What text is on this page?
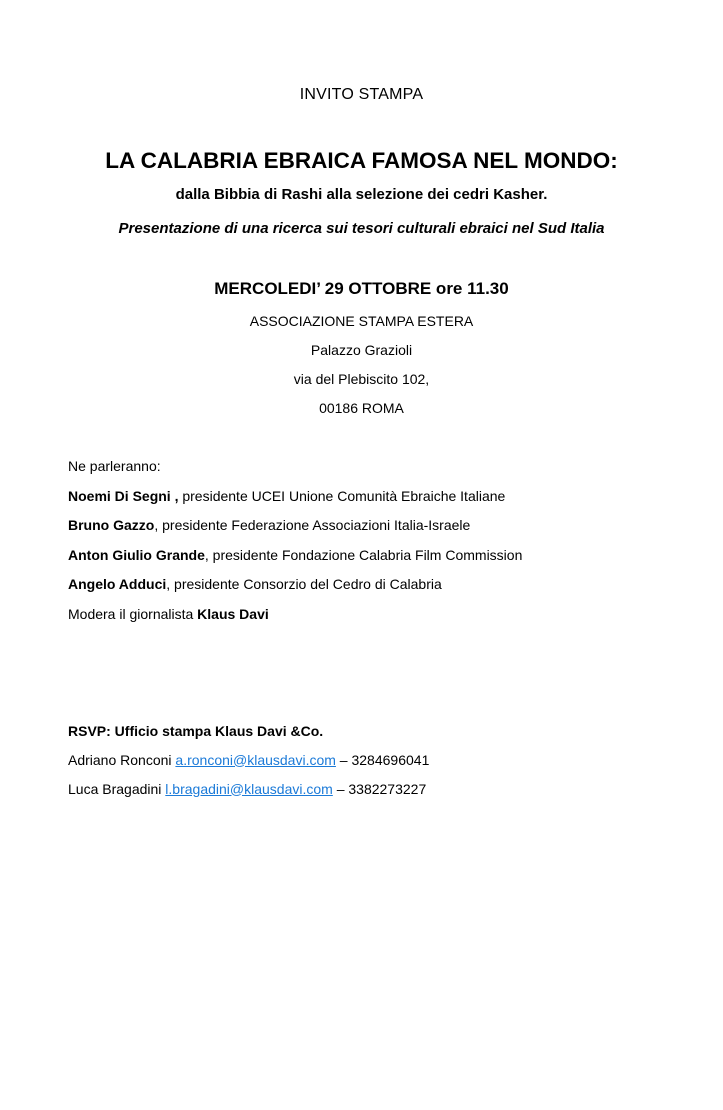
INVITO STAMPA
LA CALABRIA EBRAICA FAMOSA NEL MONDO:
dalla Bibbia di Rashi alla selezione dei cedri Kasher.
Presentazione di una ricerca sui tesori culturali ebraici nel Sud Italia
MERCOLEDI’ 29 OTTOBRE ore 11.30
ASSOCIAZIONE STAMPA ESTERA
Palazzo Grazioli
via del Plebiscito 102,
00186 ROMA
Ne parleranno:
Noemi Di Segni , presidente UCEI Unione Comunità Ebraiche Italiane
Bruno Gazzo, presidente Federazione Associazioni Italia-Israele
Anton Giulio Grande, presidente Fondazione Calabria Film Commission
Angelo Adduci, presidente Consorzio del Cedro di Calabria
Modera il giornalista Klaus Davi
RSVP: Ufficio stampa Klaus Davi &Co.
Adriano Ronconi a.ronconi@klausdavi.com – 3284696041
Luca Bragadini l.bragadini@klausdavi.com – 3382273227
